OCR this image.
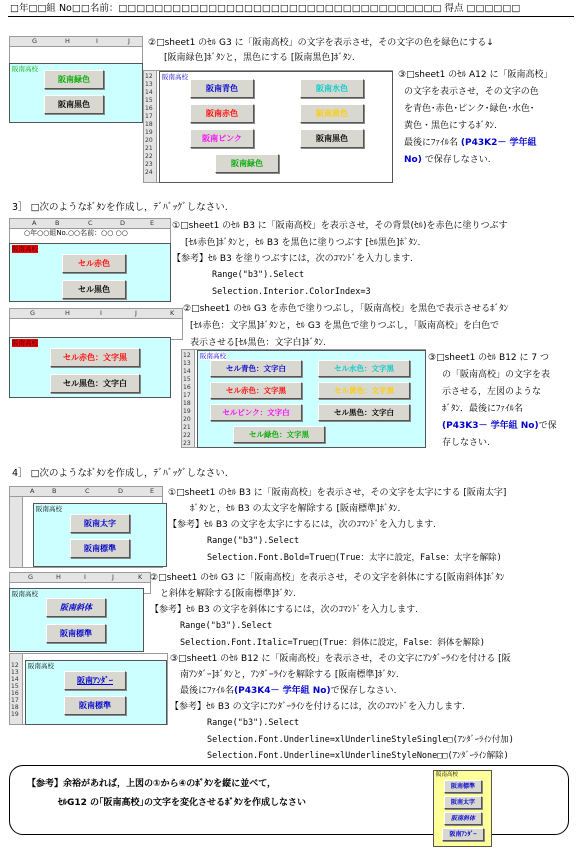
□年□□組 No□□名前：□□□□□□□□□□□□□□□□□□□□□□□□□□□□□□□□□□□□ 得点 □□□□□□
G	H	I	J
阪南高校
阪南緑色
阪南黒色
②□sheet1 のｾﾙ G3 に「阪南高校」の文字を表示させ，その文字の色を緑色にする↓
[阪南緑色]ﾎﾞﾀﾝと，黒色にする [阪南黒色]ﾎﾞﾀﾝ.
12
13
14
15
16
17
18
19
20
21
22
23
24
阪南高校
阪南青色	阪南水色
阪南赤色	阪南黄色
阪南ピンク	阪南黒色
阪南緑色
③□sheet1 のｾﾙ A12 に「阪南高校」
の文字を表示させ，その文字の色
を青色･赤色･ピンク･緑色･水色･
黄色・黒色にするﾎﾞﾀﾝ.
最後にﾌｧｲﾙ名 (P43K2－ 学年組
No) で保存しなさい.
3］ □次のようなﾎﾞﾀﾝを作成し，ﾃﾞﾊﾞｯｸﾞしなさい.
A	B	C	D	E
○年○○組No.○○名前：○○ ○○
阪南高校
セル赤色
セル黒色
①□sheet1 のｾﾙ B3 に「阪南高校」を表示させ，その背景(ｾﾙ)を赤色に塗りつぶす
[ｾﾙ赤色]ﾎﾞﾀﾝと，ｾﾙ B3 を黒色に塗りつぶす [ｾﾙ黒色]ﾎﾞﾀﾝ.
【参考】ｾﾙ B3 を塗りつぶすには，次のｺﾏﾝﾄﾞを入力します.
Range("b3").Select
Selection.Interior.ColorIndex=3
G	H	I	J	K ②□sheet1 のｾﾙ G3 を赤色で塗りつぶし，「阪南高校」を黒色で表示させるﾎﾞﾀﾝ
[ｾﾙ赤色：文字黒]ﾎﾞﾀﾝと，ｾﾙ G3 を黒色で塗りつぶし，「阪南高校」を白色で
表示させる[ｾﾙ黒色：文字白]ﾎﾞﾀﾝ.
阪南高校
セル赤色：文字黒
セル黒色：文字白
12
13
14
15
16
17
18
19
20
21
22
23
阪南高校
セル青色：文字白	セル水色：文字黒
セル赤色：文字黒	セル黄色：文字黒
セルピンク：文字白	セル黒色：文字白
セル緑色：文字黒
③□sheet1 のｾﾙ B12 に 7 つ
の「阪南高校」の文字を表
示させる，左図のような
ﾎﾞﾀﾝ．最後にﾌｧｲﾙ名
(P43K3－ 学年組 No)で保
存しなさい.
4］ □次のようなﾎﾞﾀﾝを作成し，ﾃﾞﾊﾞｯｸﾞしなさい.
A	B	C	D	E
阪南高校
阪南太字
阪南標準
①□sheet1 のｾﾙ B3 に「阪南高校」を表示させ，その文字を太字にする [阪南太字]
ﾎﾞﾀﾝと，ｾﾙ B3 の太文字を解除する [阪南標準]ﾎﾞﾀﾝ.
【参考】ｾﾙ B3 の文字を太字にするには，次のｺﾏﾝﾄﾞを入力します.
Range("b3").Select
Selection.Font.Bold=True□(True：太字に設定，False：太字を解除)
G	H	I	J	K
阪南高校
阪南斜体
阪南標準
②□sheet1 のｾﾙ G3 に「阪南高校」を表示させ，その文字を斜体にする[阪南斜体]ﾎﾞﾀﾝ
と斜体を解除する[阪南標準]ﾎﾞﾀﾝ.
【参考】ｾﾙ B3 の文字を斜体にするには，次のｺﾏﾝﾄﾞを入力します.
Range("b3").Select
Selection.Font.Italic=True□(True：斜体に設定，False：斜体を解除)
12
13
14
15
16
17
18
19
阪南高校
阪南ｱﾝﾀﾞｰ
阪南標準
③□sheet1 のｾﾙ B12 に「阪南高校」を表示させ，その文字にｱﾝﾀﾞｰﾗｲﾝを付ける [阪
南ｱﾝﾀﾞｰ]ﾎﾞﾀﾝと，ｱﾝﾀﾞｰﾗｲﾝを解除する [阪南標準]ﾎﾞﾀﾝ.
最後にﾌｧｲﾙ名(P43K4－ 学年組 No)で保存しなさい.
【参考】ｾﾙ B3 の文字にｱﾝﾀﾞｰﾗｲﾝを付けるには，次のｺﾏﾝﾄﾞを入力します.
Range("b3").Select
Selection.Font.Underline=xlUnderlineStyleSingle□(ｱﾝﾀﾞｰﾗｲﾝ付加)
Selection.Font.Underline=xlUnderlineStyleNone□□(ｱﾝﾀﾞｰﾗｲﾝ解除)
【参考】余裕があれば，上図の①から④のﾎﾞﾀﾝを縦に並べて，
ｾﾙG12 の｢阪南高校｣の文字を変化させるﾎﾞﾀﾝを作成しなさい
阪南高校
阪南標準
阪南太字
阪南斜体
阪南ｱﾝﾀﾞｰ
